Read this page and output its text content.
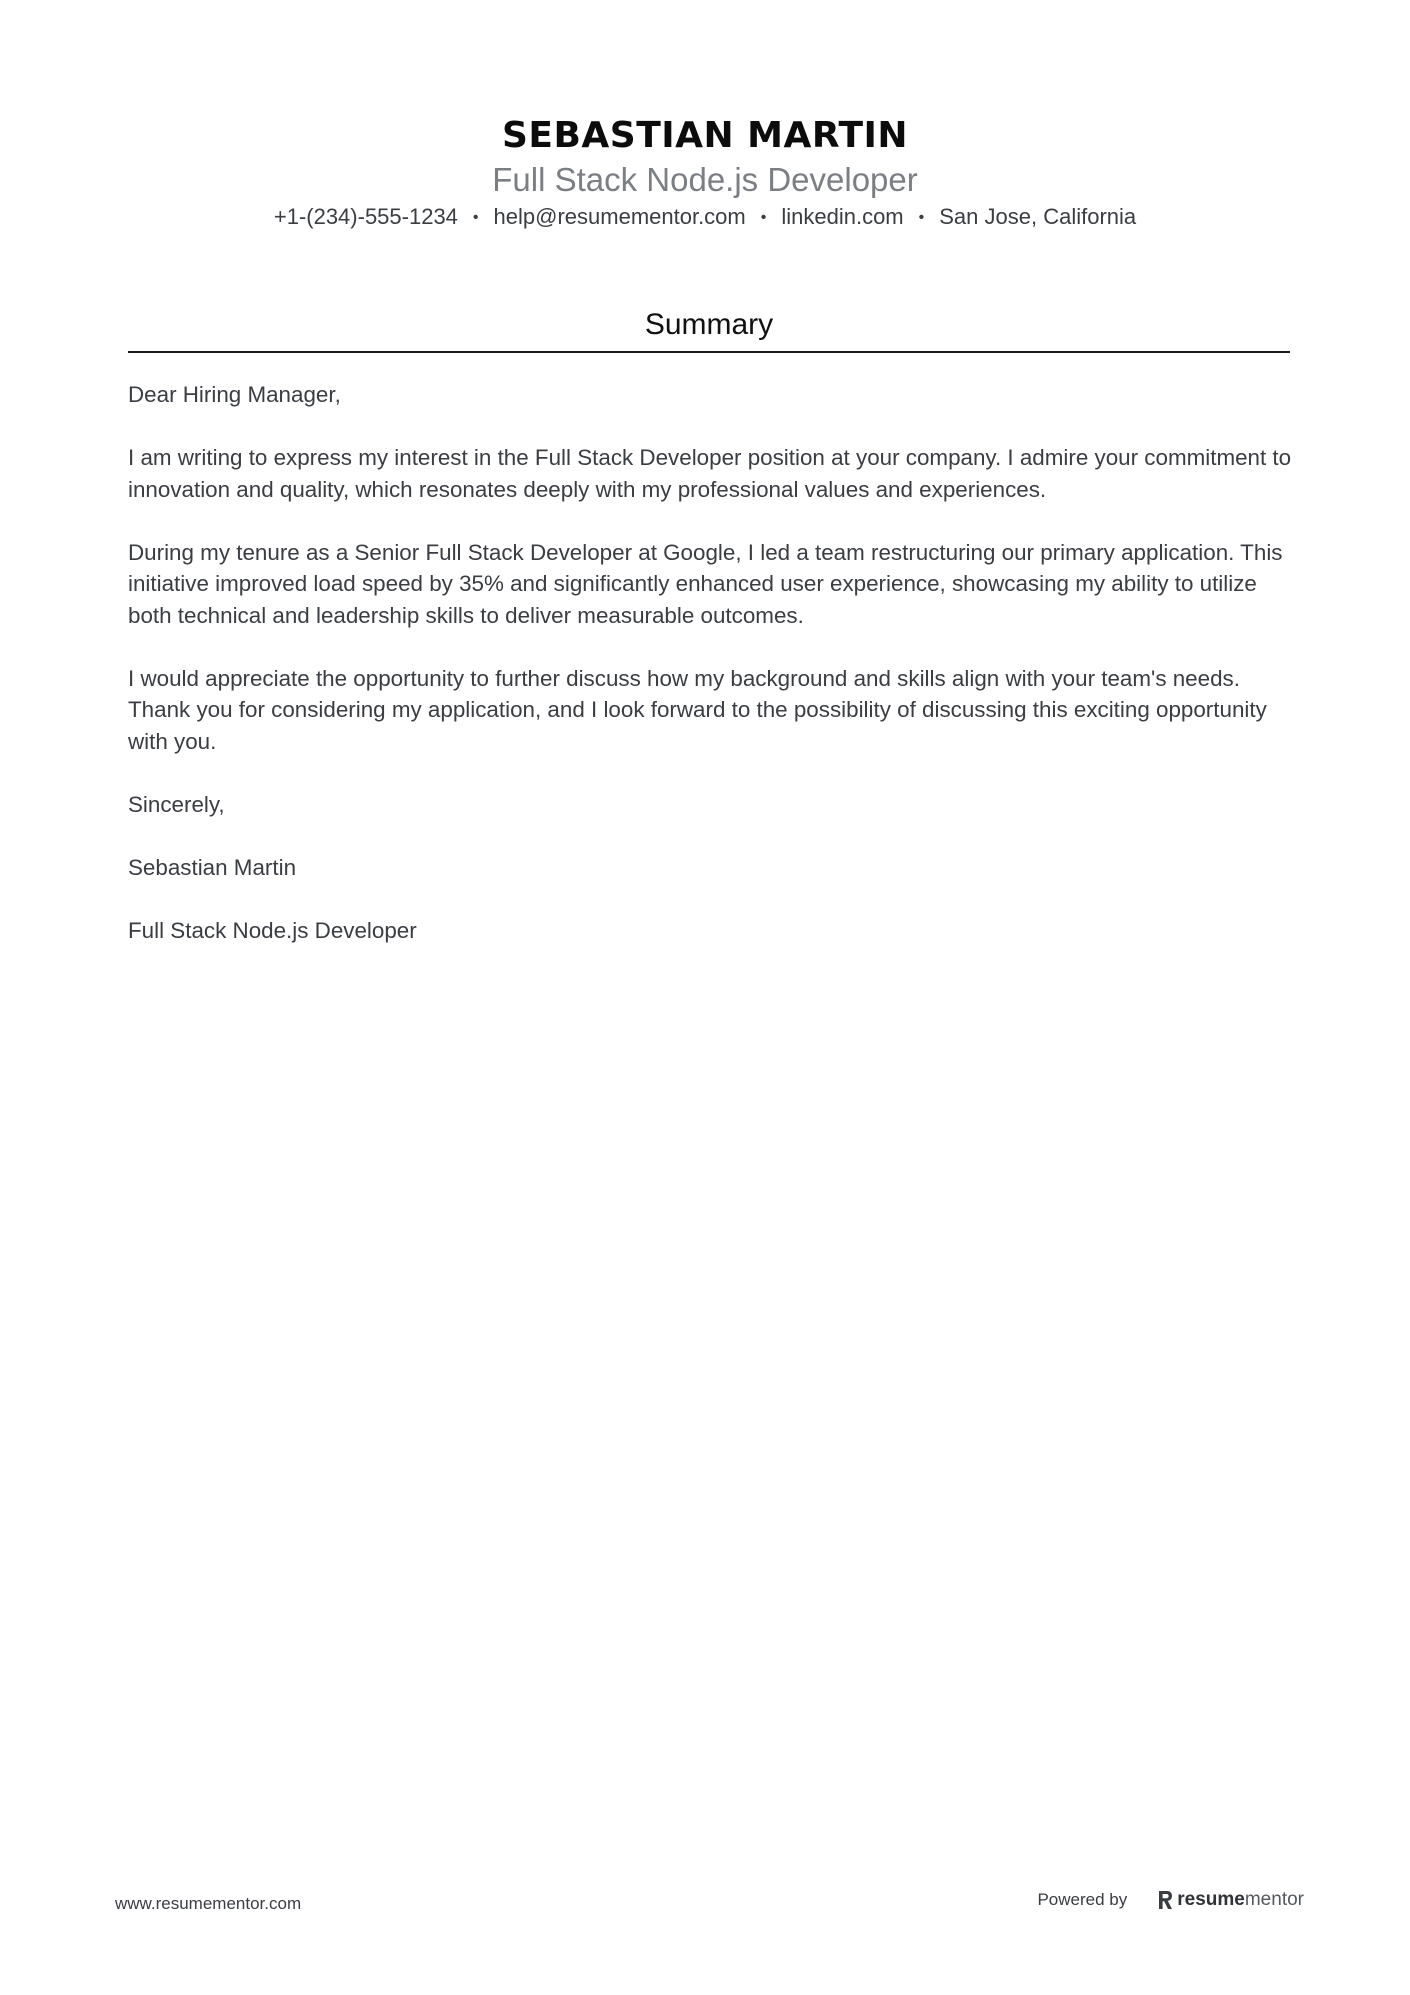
SEBASTIAN MARTIN
Full Stack Node.js Developer
+1-(234)-555-1234 • help@resumementor.com • linkedin.com • San Jose, California
Summary

Dear Hiring Manager,

I am writing to express my interest in the Full Stack Developer position at your company. I admire your commitment to innovation and quality, which resonates deeply with my professional values and experiences.

During my tenure as a Senior Full Stack Developer at Google, I led a team restructuring our primary application. This initiative improved load speed by 35% and significantly enhanced user experience, showcasing my ability to utilize both technical and leadership skills to deliver measurable outcomes.

I would appreciate the opportunity to further discuss how my background and skills align with your team's needs. Thank you for considering my application, and I look forward to the possibility of discussing this exciting opportunity with you.

Sincerely,

Sebastian Martin

Full Stack Node.js Developer

www.resumementor.com	Powered by	resume mentor
